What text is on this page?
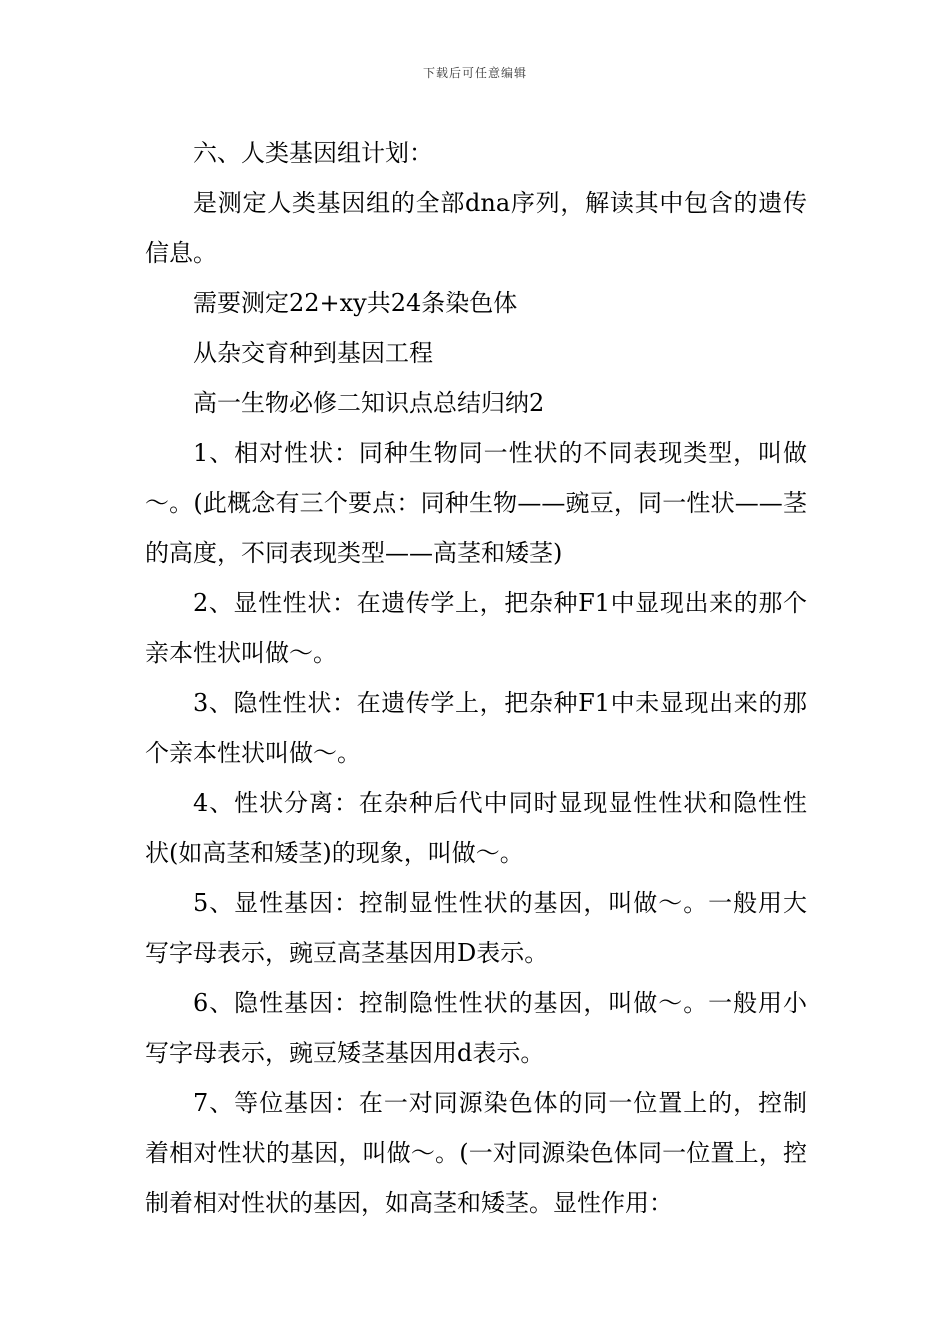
下载后可任意编辑

六、人类基因组计划：

是测定人类基因组的全部dna序列，解读其中包含的遗传信息。

需要测定22+xy共24条染色体

从杂交育种到基因工程

高一生物必修二知识点总结归纳2

1、相对性状：同种生物同一性状的不同表现类型，叫做～。(此概念有三个要点：同种生物——豌豆，同一性状——茎的高度，不同表现类型——高茎和矮茎)

2、显性性状：在遗传学上，把杂种F1中显现出来的那个亲本性状叫做～。

3、隐性性状：在遗传学上，把杂种F1中未显现出来的那个亲本性状叫做～。

4、性状分离：在杂种后代中同时显现显性性状和隐性性状(如高茎和矮茎)的现象，叫做～。

5、显性基因：控制显性性状的基因，叫做～。一般用大写字母表示，豌豆高茎基因用D表示。

6、隐性基因：控制隐性性状的基因，叫做～。一般用小写字母表示，豌豆矮茎基因用d表示。

7、等位基因：在一对同源染色体的同一位置上的，控制着相对性状的基因，叫做～。(一对同源染色体同一位置上，控制着相对性状的基因，如高茎和矮茎。显性作用：
